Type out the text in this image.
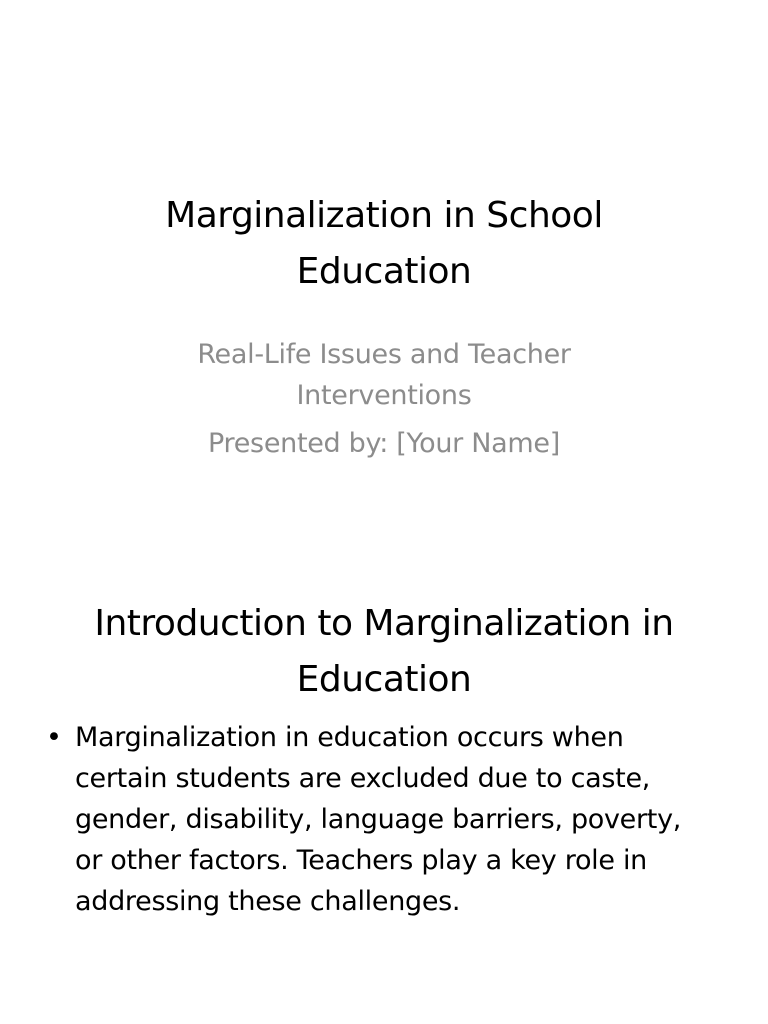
Marginalization in School
Education
Real-Life Issues and Teacher
Interventions
Presented by: [Your Name]
Introduction to Marginalization in
Education
• Marginalization in education occurs when
certain students are excluded due to caste,
gender, disability, language barriers, poverty,
or other factors. Teachers play a key role in
addressing these challenges.
